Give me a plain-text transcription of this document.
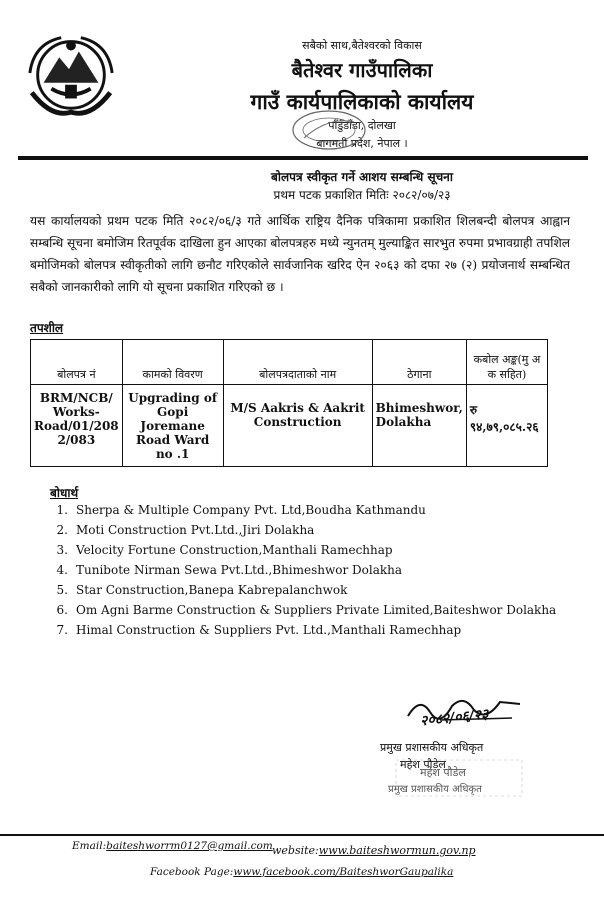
सबैको साथ,बैतेश्वरको विकास
बैतेश्वर गाउँपालिका
गाउँ कार्यपालिकाको कार्यालय
पाँडुँडाँडा, दोलखा
बागमती प्रदेश, नेपाल ।
बोलपत्र स्वीकृत गर्ने आशय सम्बन्धि सूचना
प्रथम पटक प्रकाशित मितिः २०८२/०७/२३
यस कार्यालयको प्रथम पटक मिति २०८२/०६/३ गते आर्थिक राष्ट्रिय दैनिक पत्रिकामा प्रकाशित शिलबन्दी बोलपत्र आह्वान सम्बन्धि सूचना बमोजिम रितपूर्वक दाखिला हुन आएका बोलपत्रहरु मध्ये न्युनतम् मुल्याङ्कित सारभुत रुपमा प्रभावग्राही तपशिल बमोजिमको बोलपत्र स्वीकृतीको लागि छनौट गरिएकोले सार्वजानिक खरिद ऐन २०६३ को दफा २७ (२) प्रयोजनार्थ सम्बन्धित सबैको जानकारीको लागि यो सूचना प्रकाशित गरिएको छ ।
तपशील
बोलपत्र नं	कामको विवरण	बोलपत्रदाताको नाम	ठेगाना	कबोल अङ्क(मु अ क सहित)
BRM/NCB/ Works- Road/01/208 2/083	Upgrading of Gopi Joremane Road Ward no .1	M/S Aakris & Aakrit Construction	Bhimeshwor, Dolakha	रु ९४,७९,०८५.२६
बोधार्थ
1. Sherpa & Multiple Company Pvt. Ltd,Boudha Kathmandu
2. Moti Construction Pvt.Ltd.,Jiri Dolakha
3. Velocity Fortune Construction,Manthali Ramechhap
4. Tunibote Nirman Sewa Pvt.Ltd.,Bhimeshwor Dolakha
5. Star Construction,Banepa Kabrepalanchwok
6. Om Agni Barme Construction & Suppliers Private Limited,Baiteshwor Dolakha
7. Himal Construction & Suppliers Pvt. Ltd.,Manthali Ramechhap
२०८२/०६/२३
प्रमुख प्रशासकीय अधिकृत
महेश पौडेल
महेश पौडेल
प्रमुख प्रशासकीय अधिकृत
Email:baiteshworrm0127@gmail.com website:www.baiteshwormun.gov.np
Facebook Page:www.facebook.com/BaiteshworGaupalika
